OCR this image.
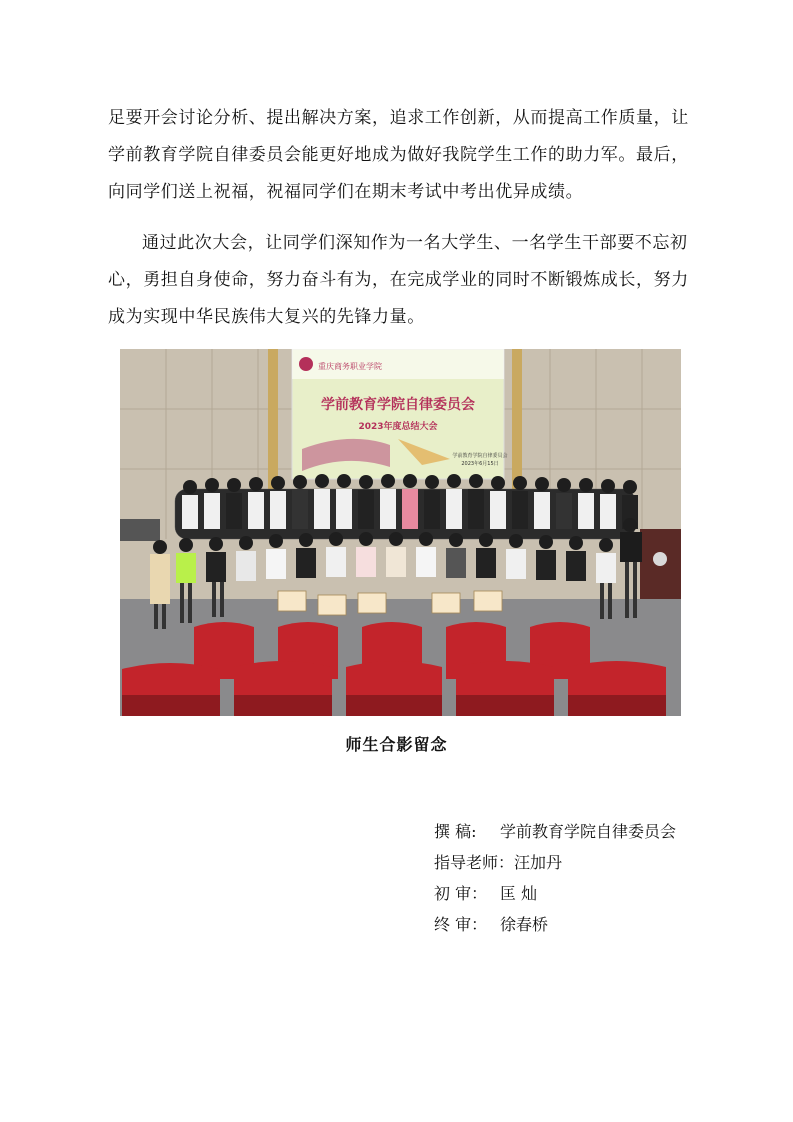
足要开会讨论分析、提出解决方案，追求工作创新，从而提高工作质量，让学前教育学院自律委员会能更好地成为做好我院学生工作的助力军。最后，向同学们送上祝福，祝福同学们在期末考试中考出优异成绩。

通过此次大会，让同学们深知作为一名大学生、一名学生干部要不忘初心，勇担自身使命，努力奋斗有为，在完成学业的同时不断锻炼成长，努力成为实现中华民族伟大复兴的先锋力量。

重庆商务职业学院
学前教育学院自律委员会
2023年度总结大会
学前教育学院自律委员会
2023年6月15日
师生合影留念
撰 稿: 学前教育学院自律委员会
指导老师：汪加丹
初 审： 匡 灿
终 审： 徐春桥
